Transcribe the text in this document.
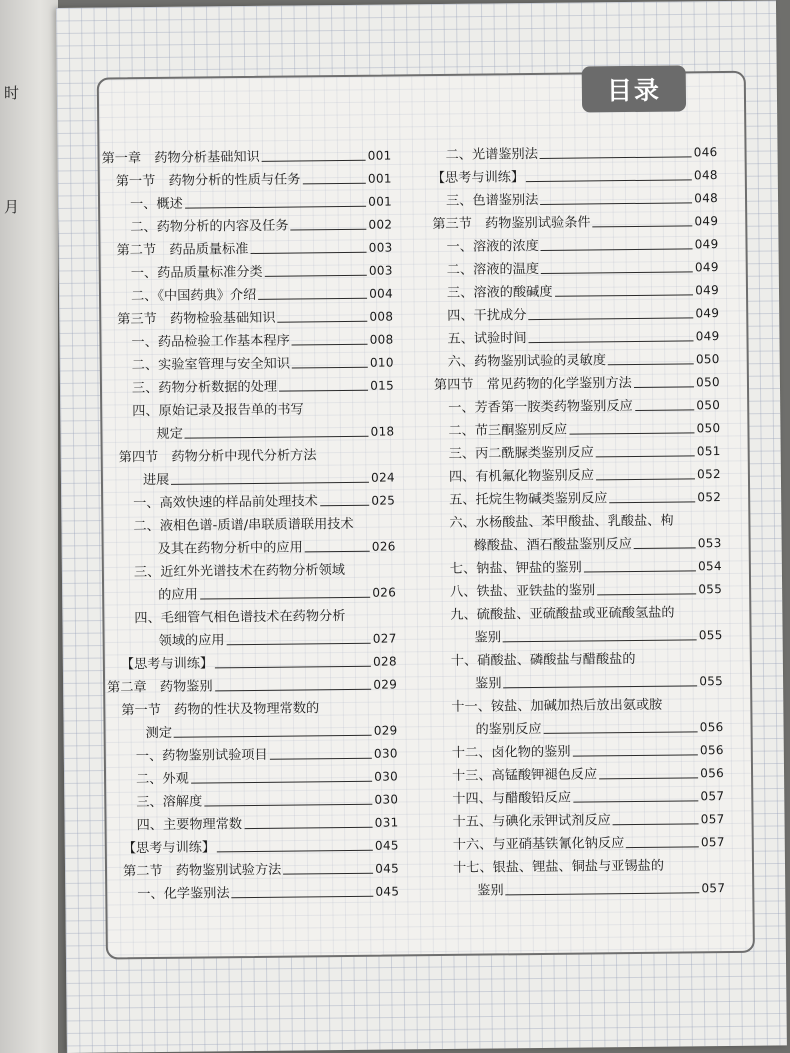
时
月
目录
第一章　药物分析基础知识	001
第一节　药物分析的性质与任务	001
一、概述	001
二、药物分析的内容及任务	002
第二节　药品质量标准	003
一、药品质量标准分类	003
二、《中国药典》介绍	004
第三节　药物检验基础知识	008
一、药品检验工作基本程序	008
二、实验室管理与安全知识	010
三、药物分析数据的处理	015
四、原始记录及报告单的书写
规定	018
第四节　药物分析中现代分析方法
进展	024
一、高效快速的样品前处理技术	025
二、液相色谱-质谱/串联质谱联用技术
及其在药物分析中的应用	026
三、近红外光谱技术在药物分析领域
的应用	026
四、毛细管气相色谱技术在药物分析
领域的应用	027
【思考与训练】	028
第二章　药物鉴别	029
第一节　药物的性状及物理常数的
测定	029
一、药物鉴别试验项目	030
二、外观	030
三、溶解度	030
四、主要物理常数	031
【思考与训练】	045
第二节　药物鉴别试验方法	045
一、化学鉴别法	045
二、光谱鉴别法	046
【思考与训练】	048
三、色谱鉴别法	048
第三节　药物鉴别试验条件	049
一、溶液的浓度	049
二、溶液的温度	049
三、溶液的酸碱度	049
四、干扰成分	049
五、试验时间	049
六、药物鉴别试验的灵敏度	050
第四节　常见药物的化学鉴别方法	050
一、芳香第一胺类药物鉴别反应	050
二、芇三酮鉴别反应	050
三、丙二酰脲类鉴别反应	051
四、有机氟化物鉴别反应	052
五、托烷生物碱类鉴别反应	052
六、水杨酸盐、苯甲酸盐、乳酸盐、枸
橼酸盐、酒石酸盐鉴别反应	053
七、钠盐、钾盐的鉴别	054
八、铁盐、亚铁盐的鉴别	055
九、硫酸盐、亚硫酸盐或亚硫酸氢盐的
鉴别	055
十、硝酸盐、磷酸盐与醋酸盐的
鉴别	055
十一、铵盐、加碱加热后放出氨或胺
的鉴别反应	056
十二、卤化物的鉴别	056
十三、高锰酸钾褪色反应	056
十四、与醋酸铅反应	057
十五、与碘化汞钾试剂反应	057
十六、与亚硝基铁氰化钠反应	057
十七、银盐、锂盐、铜盐与亚锡盐的
鉴别	057
